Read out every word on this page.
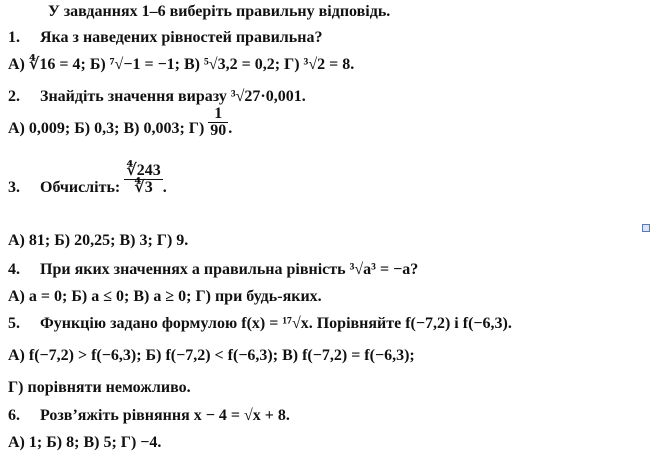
У завданнях 1–6 виберіть правильну відповідь.
1. Яка з наведених рівностей правильна?
А) ∜16 = 4; Б) ⁷√−1 = −1; В) ⁵√3,2 = 0,2; Г) ³√2 = 8.
2. Знайдіть значення виразу ³√27·0,001.
А) 0,009; Б) 0,3; В) 0,003; $Г) \frac{1}{90}$ .
3. Обчисліть: $\frac{∜243}{∜3}$ .
А) 81; Б) 20,25; В) 3; Г) 9.
4. При яких значеннях a правильна рівність ³√a³ = −a?
А) a = 0; Б) a ≤ 0; В) a ≥ 0; Г) при будь-яких.
5. Функцію задано формулою f(x) = ¹⁷√x. Порівняйте f(−7,2) і f(−6,3).
А) f(−7,2) > f(−6,3); Б) f(−7,2) < f(−6,3); В) f(−7,2) = f(−6,3);
Г) порівняти неможливо.
6. Розв’яжіть рівняння x − 4 = √x + 8.
А) 1; Б) 8; В) 5; Г) −4.
